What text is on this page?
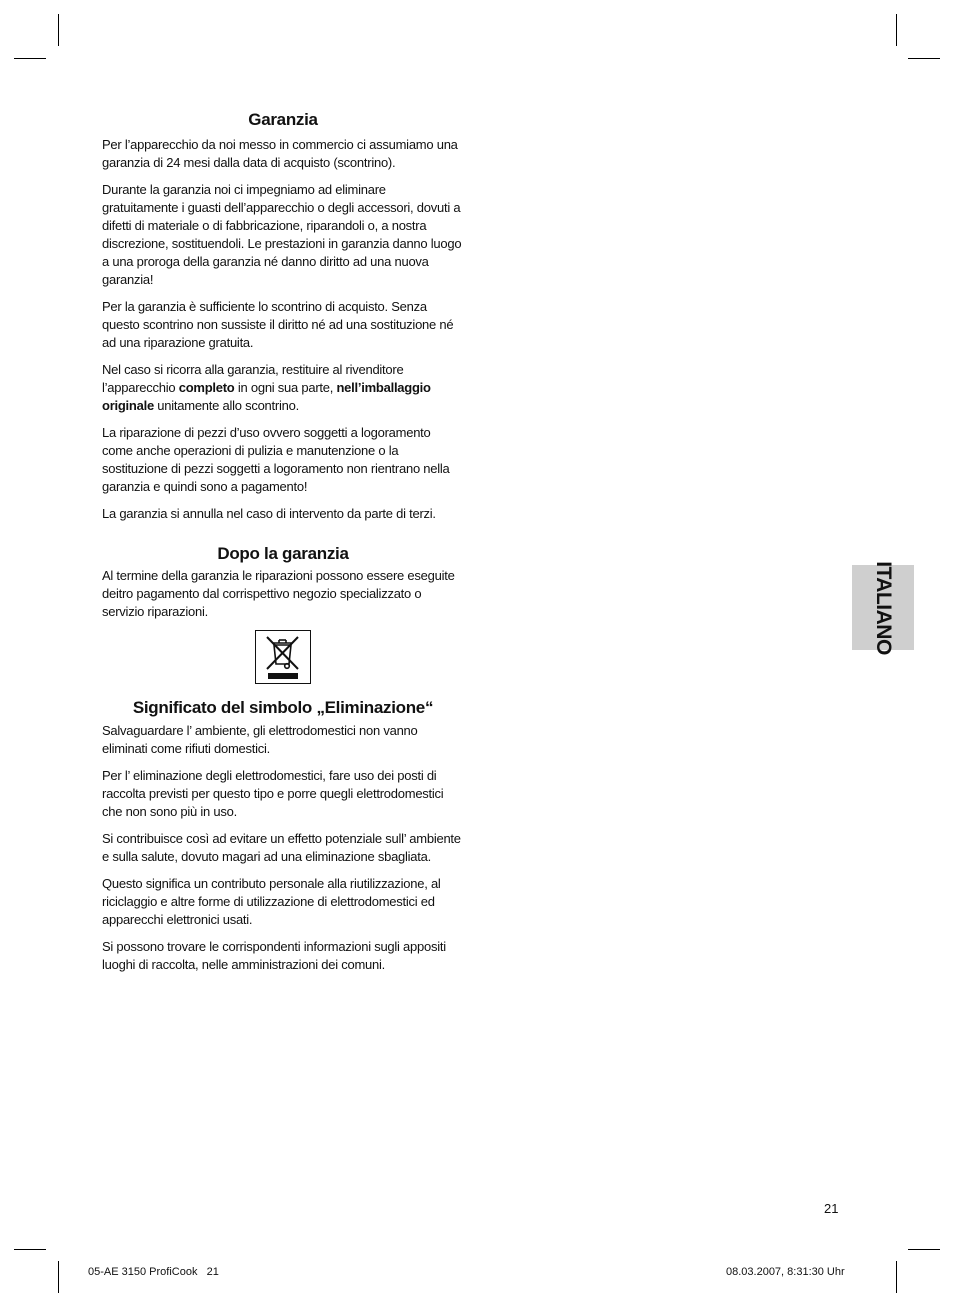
Garanzia

Per l’apparecchio da noi messo in commercio ci assumiamo una garanzia di 24 mesi dalla data di acquisto (scontrino).

Durante la garanzia noi ci impegniamo ad eliminare gratuitamente i guasti dell’apparecchio o degli accessori, dovuti a difetti di materiale o di fabbricazione, riparandoli o, a nostra discrezione, sostituendoli. Le prestazioni in garanzia danno luogo a una proroga della garanzia né danno diritto ad una nuova garanzia!

Per la garanzia è sufficiente lo scontrino di acquisto. Senza questo scontrino non sussiste il diritto né ad una sostituzione né ad una riparazione gratuita.

Nel caso si ricorra alla garanzia, restituire al rivenditore l’apparecchio completo in ogni sua parte, nell’imballaggio originale unitamente allo scontrino.

La riparazione di pezzi d’uso ovvero soggetti a logoramento come anche operazioni di pulizia e manutenzione o la sostituzione di pezzi soggetti a logoramento non rientrano nella garanzia e quindi sono a pagamento!

La garanzia si annulla nel caso di intervento da parte di terzi.

Dopo la garanzia

Al termine della garanzia le riparazioni possono essere eseguite deitro pagamento dal corrispettivo negozio specializzato o servizio riparazioni.

Significato del simbolo „Eliminazione“

Salvaguardare l’ ambiente, gli elettrodomestici non vanno eliminati come rifiuti domestici.

Per l’ eliminazione degli elettrodomestici, fare uso dei posti di raccolta previsti per questo tipo e porre quegli elettrodomestici che non sono più in uso.

Si contribuisce così ad evitare un effetto potenziale sull’ ambiente e sulla salute, dovuto magari ad una eliminazione sbagliata.

Questo significa un contributo personale alla riutilizzazione, al riciclaggio e altre forme di utilizzazione di elettrodomestici ed apparecchi elettronici usati.

Si possono trovare le corrispondenti informazioni sugli appositi luoghi di raccolta, nelle amministrazioni dei comuni.

ITALIANO
21
05-AE 3150 ProfiCook   21	08.03.2007, 8:31:30 Uhr
